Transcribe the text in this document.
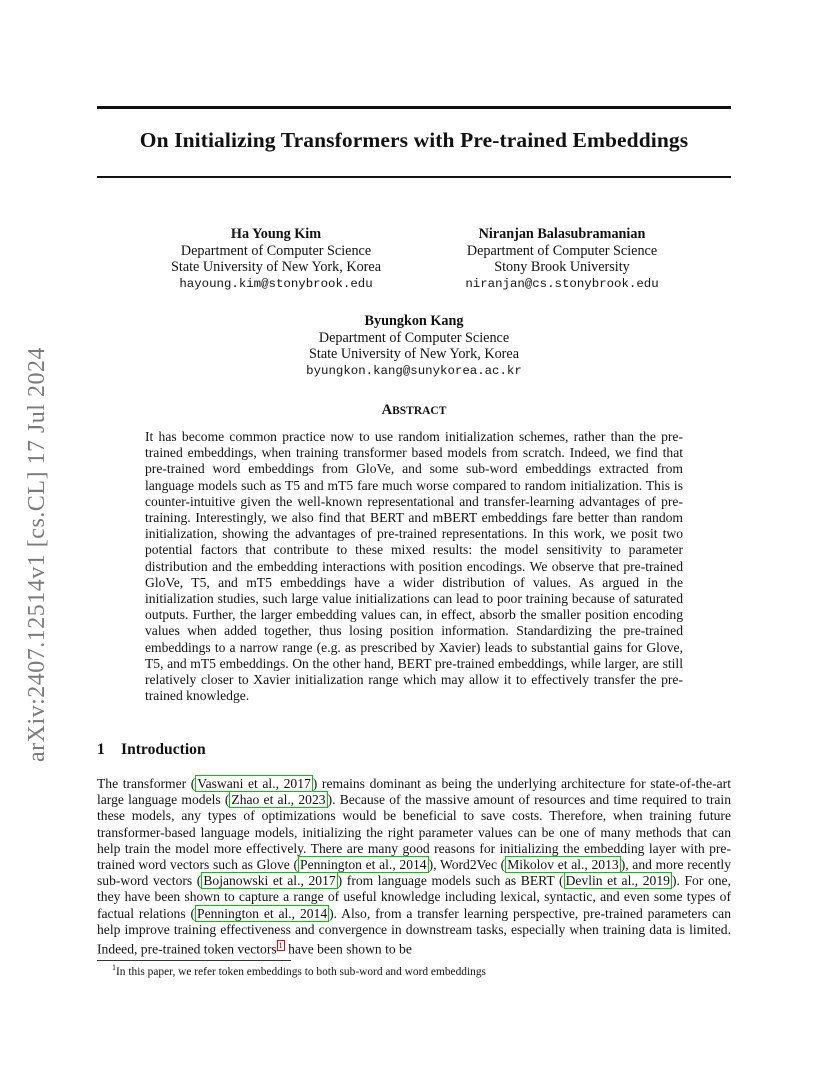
arXiv:2407.12514v1 [cs.CL] 17 Jul 2024
On Initializing Transformers with Pre-trained Embeddings
Ha Young Kim
Department of Computer Science
State University of New York, Korea
hayoung.kim@stonybrook.edu
Niranjan Balasubramanian
Department of Computer Science
Stony Brook University
niranjan@cs.stonybrook.edu
Byungkon Kang
Department of Computer Science
State University of New York, Korea
byungkon.kang@sunykorea.ac.kr
ABSTRACT
It has become common practice now to use random initialization schemes, rather than the pre-trained embeddings, when training transformer based models from scratch. Indeed, we find that pre-trained word embeddings from GloVe, and some sub-word embeddings extracted from language models such as T5 and mT5 fare much worse compared to random initialization. This is counter-intuitive given the well-known representational and transfer-learning advantages of pre-training. Interestingly, we also find that BERT and mBERT embeddings fare better than random initialization, showing the advantages of pre-trained representations. In this work, we posit two potential factors that contribute to these mixed results: the model sensitivity to parameter distribution and the embedding interactions with position encodings. We observe that pre-trained GloVe, T5, and mT5 embeddings have a wider distribution of values. As argued in the initialization studies, such large value initializations can lead to poor training because of saturated outputs. Further, the larger embedding values can, in effect, absorb the smaller position encoding values when added together, thus losing position information. Standardizing the pre-trained embeddings to a narrow range (e.g. as prescribed by Xavier) leads to substantial gains for Glove, T5, and mT5 embeddings. On the other hand, BERT pre-trained embeddings, while larger, are still relatively closer to Xavier initialization range which may allow it to effectively transfer the pre-trained knowledge.
1 Introduction
The transformer ( Vaswani et al., 2017 ) remains dominant as being the underlying architecture for state-of-the-art large language models ( Zhao et al., 2023 ). Because of the massive amount of resources and time required to train these models, any types of optimizations would be beneficial to save costs. Therefore, when training future transformer-based language models, initializing the right parameter values can be one of many methods that can help train the model more effectively. There are many good reasons for initializing the embedding layer with pre-trained word vectors such as Glove ( Pennington et al., 2014 ), Word2Vec ( Mikolov et al., 2013 ), and more recently sub-word vectors ( Bojanowski et al., 2017 ) from language models such as BERT ( Devlin et al., 2019 ). For one, they have been shown to capture a range of useful knowledge including lexical, syntactic, and even some types of factual relations ( Pennington et al., 2014 ). Also, from a transfer learning perspective, pre-trained parameters can help improve training effectiveness and convergence in downstream tasks, especially when training data is limited. Indeed, pre-trained token vectors $^1$ have been shown to be
$^1$In this paper, we refer token embeddings to both sub-word and word embeddings
